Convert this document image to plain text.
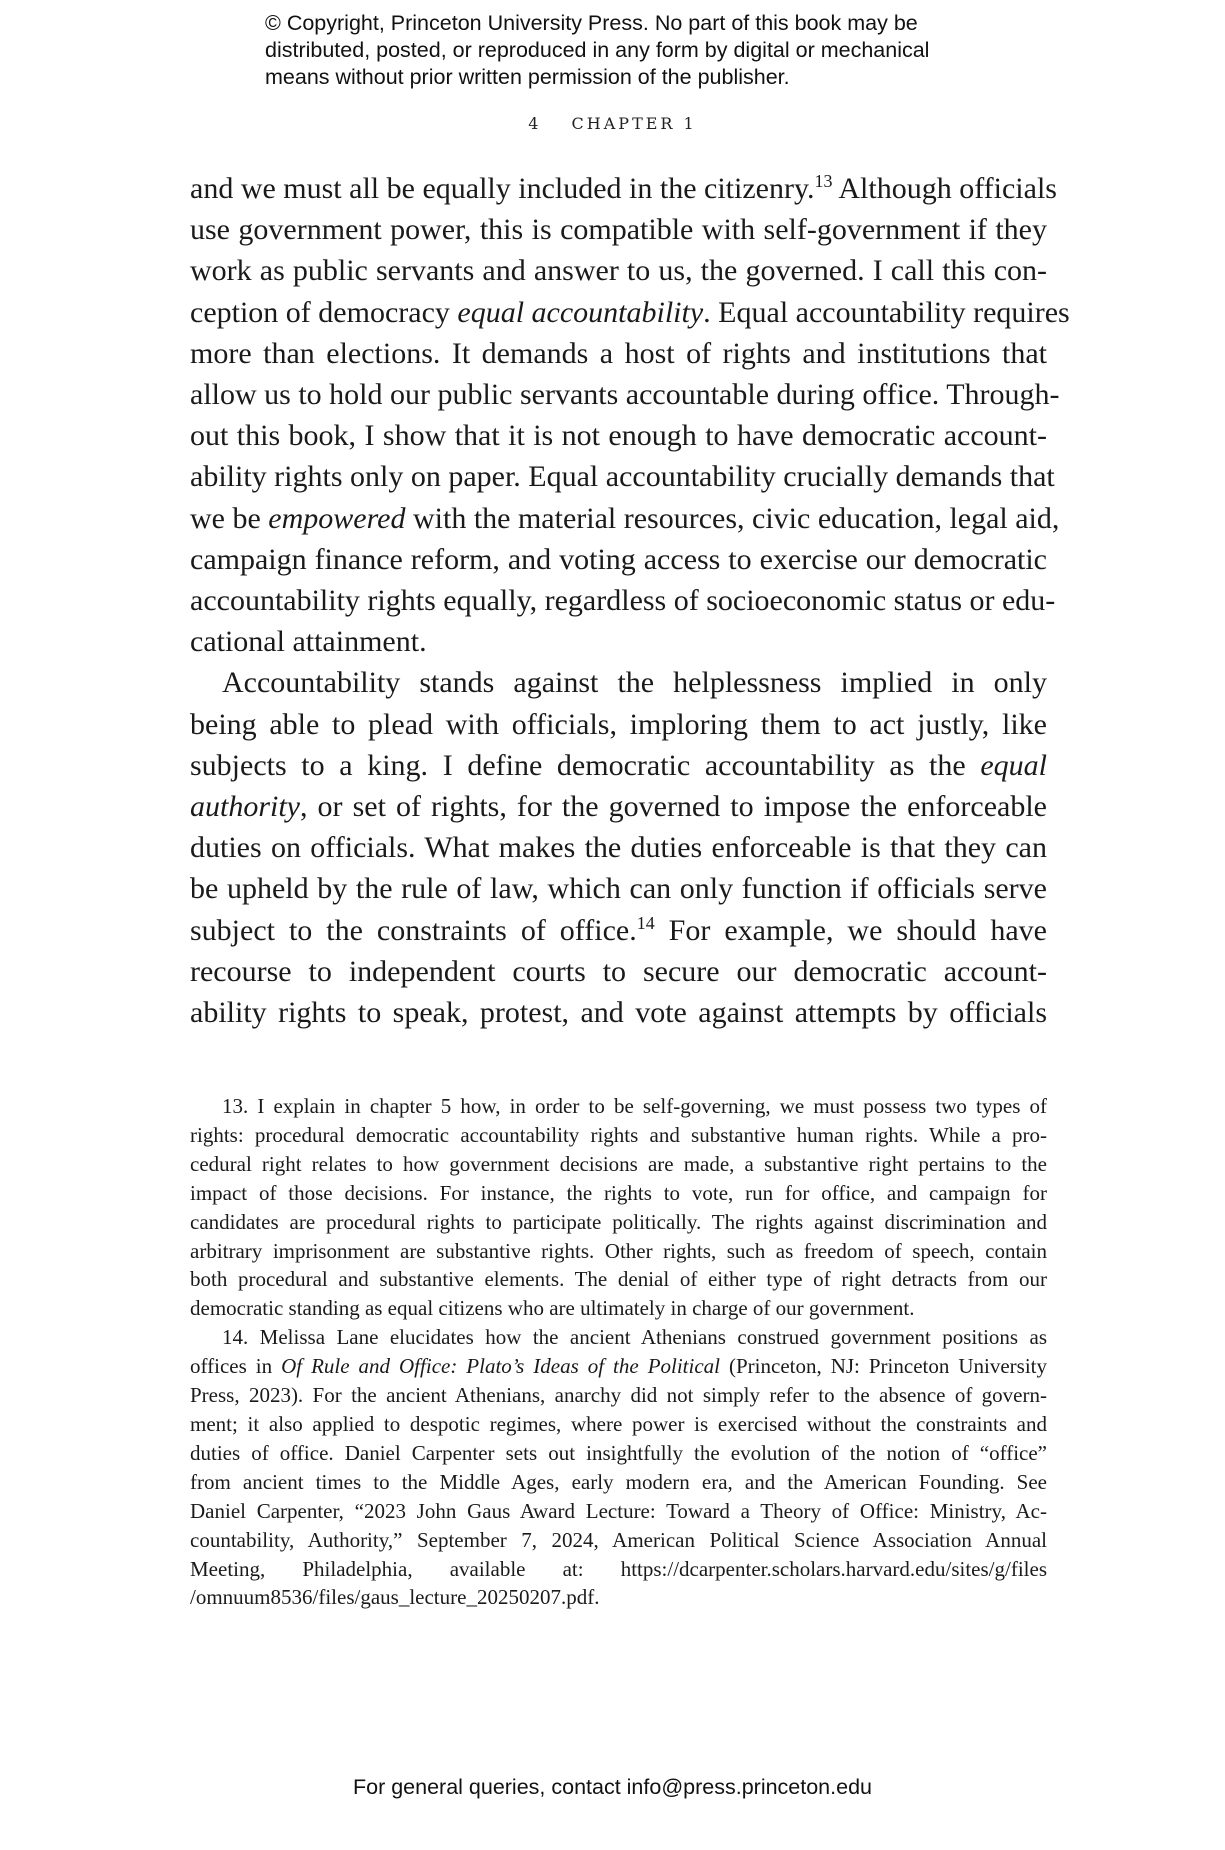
© Copyright, Princeton University Press. No part of this book may be
distributed, posted, or reproduced in any form by digital or mechanical
means without prior written permission of the publisher.
4 CHAPTER 1
and we must all be equally included in the citizenry.$^{13}$ Although officials
use government power, this is compatible with self-government if they
work as public servants and answer to us, the governed. I call this con-
ception of democracy equal accountability. Equal accountability requires
more than elections. It demands a host of rights and institutions that
allow us to hold our public servants accountable during office. Through-
out this book, I show that it is not enough to have democratic account-
ability rights only on paper. Equal accountability crucially demands that
we be empowered with the material resources, civic education, legal aid,
campaign finance reform, and voting access to exercise our democratic
accountability rights equally, regardless of socioeconomic status or edu-
cational attainment.
Accountability stands against the helplessness implied in only
being able to plead with officials, imploring them to act justly, like
subjects to a king. I define democratic accountability as the equal
authority, or set of rights, for the governed to impose the enforceable
duties on officials. What makes the duties enforceable is that they can
be upheld by the rule of law, which can only function if officials serve
subject to the constraints of office.$^{14}$ For example, we should have
recourse to independent courts to secure our democratic account-
ability rights to speak, protest, and vote against attempts by officials
13. I explain in chapter 5 how, in order to be self-governing, we must possess two types of
rights: procedural democratic accountability rights and substantive human rights. While a pro-
cedural right relates to how government decisions are made, a substantive right pertains to the
impact of those decisions. For instance, the rights to vote, run for office, and campaign for
candidates are procedural rights to participate politically. The rights against discrimination and
arbitrary imprisonment are substantive rights. Other rights, such as freedom of speech, contain
both procedural and substantive elements. The denial of either type of right detracts from our
democratic standing as equal citizens who are ultimately in charge of our government.
14. Melissa Lane elucidates how the ancient Athenians construed government positions as
offices in Of Rule and Office: Plato’s Ideas of the Political (Princeton, NJ: Princeton University
Press, 2023). For the ancient Athenians, anarchy did not simply refer to the absence of govern-
ment; it also applied to despotic regimes, where power is exercised without the constraints and
duties of office. Daniel Carpenter sets out insightfully the evolution of the notion of “office”
from ancient times to the Middle Ages, early modern era, and the American Founding. See
Daniel Carpenter, “2023 John Gaus Award Lecture: Toward a Theory of Office: Ministry, Ac-
countability, Authority,” September 7, 2024, American Political Science Association Annual
Meeting, Philadelphia, available at: https://dcarpenter.scholars.harvard.edu/sites/g/files
/omnuum8536/files/gaus_lecture_20250207.pdf.
For general queries, contact info@press.princeton.edu
